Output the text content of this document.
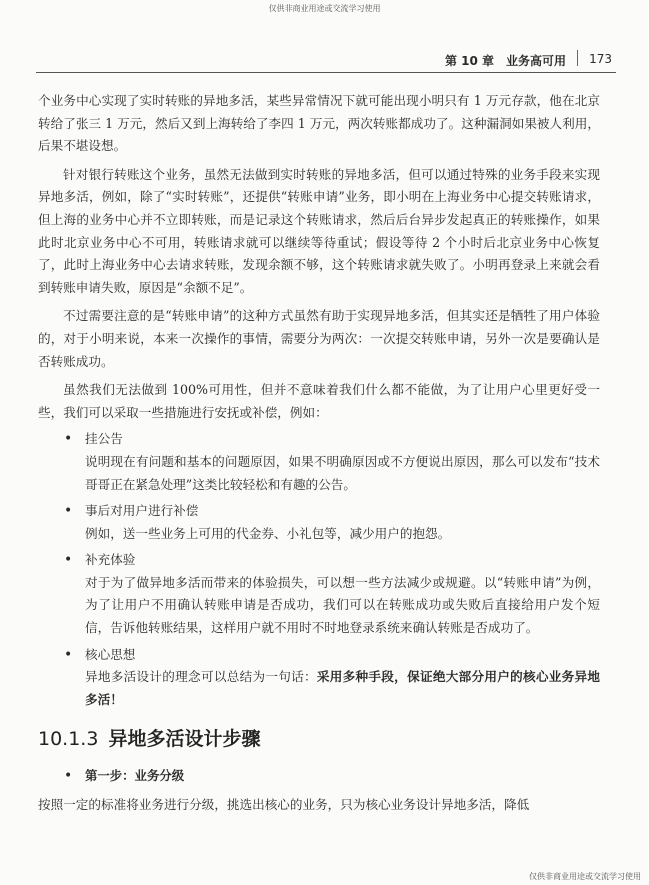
仅供非商业用途或交流学习使用
第 10 章　业务高可用 173

个业务中心实现了实时转账的异地多活，某些异常情况下就可能出现小明只有 1 万元存款，他在北京转给了张三 1 万元，然后又到上海转给了李四 1 万元，两次转账都成功了。这种漏洞如果被人利用，后果不堪设想。

针对银行转账这个业务，虽然无法做到实时转账的异地多活，但可以通过特殊的业务手段来实现异地多活，例如，除了“实时转账”，还提供“转账申请”业务，即小明在上海业务中心提交转账请求，但上海的业务中心并不立即转账，而是记录这个转账请求，然后后台异步发起真正的转账操作，如果此时北京业务中心不可用，转账请求就可以继续等待重试；假设等待 2 个小时后北京业务中心恢复了，此时上海业务中心去请求转账，发现余额不够，这个转账请求就失败了。小明再登录上来就会看到转账申请失败，原因是“余额不足”。

不过需要注意的是“转账申请”的这种方式虽然有助于实现异地多活，但其实还是牺牲了用户体验的，对于小明来说，本来一次操作的事情，需要分为两次：一次提交转账申请，另外一次是要确认是否转账成功。

虽然我们无法做到 100%可用性，但并不意味着我们什么都不能做，为了让用户心里更好受一些，我们可以采取一些措施进行安抚或补偿，例如：

•	挂公告
说明现在有问题和基本的问题原因，如果不明确原因或不方便说出原因，那么可以发布“技术哥哥正在紧急处理”这类比较轻松和有趣的公告。
•	事后对用户进行补偿
例如，送一些业务上可用的代金券、小礼包等，减少用户的抱怨。
•	补充体验
对于为了做异地多活而带来的体验损失，可以想一些方法减少或规避。以“转账申请”为例，为了让用户不用确认转账申请是否成功，我们可以在转账成功或失败后直接给用户发个短信，告诉他转账结果，这样用户就不用时不时地登录系统来确认转账是否成功了。
•	核心思想
异地多活设计的理念可以总结为一句话：采用多种手段，保证绝大部分用户的核心业务异地多活！
10.1.3 异地多活设计步骤
•	第一步：业务分级

按照一定的标准将业务进行分级，挑选出核心的业务，只为核心业务设计异地多活，降低

仅供非商业用途或交流学习使用
